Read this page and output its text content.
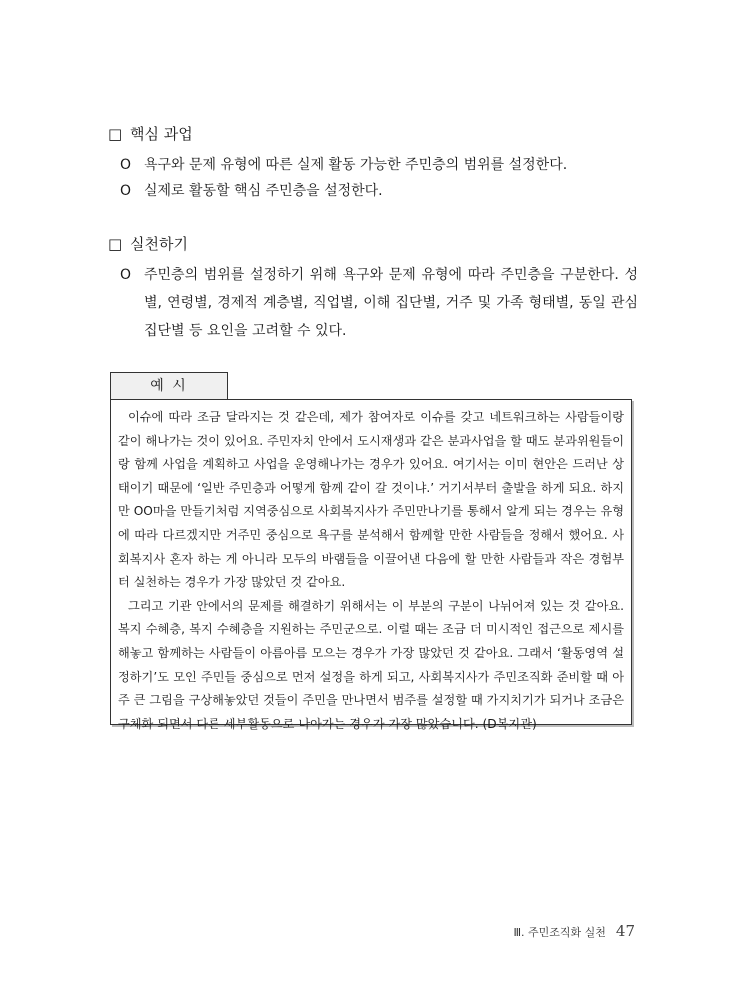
□ 핵심 과업
O 욕구와 문제 유형에 따른 실제 활동 가능한 주민층의 범위를 설정한다.
O 실제로 활동할 핵심 주민층을 설정한다.
□ 실천하기
O 주민층의 범위를 설정하기 위해 욕구와 문제 유형에 따라 주민층을 구분한다. 성별, 연령별, 경제적 계층별, 직업별, 이해 집단별, 거주 및 가족 형태별, 동일 관심 집단별 등 요인을 고려할 수 있다.
예 시

이슈에 따라 조금 달라지는 것 같은데, 제가 참여자로 이슈를 갖고 네트워크하는 사람들이랑 같이 해나가는 것이 있어요. 주민자치 안에서 도시재생과 같은 분과사업을 할 때도 분과위원들이랑 함께 사업을 계획하고 사업을 운영해나가는 경우가 있어요. 여기서는 이미 현안은 드러난 상태이기 때문에 ‘일반 주민층과 어떻게 함께 같이 갈 것이냐.’ 거기서부터 출발을 하게 되요. 하지만 OO마을 만들기처럼 지역중심으로 사회복지사가 주민만나기를 통해서 알게 되는 경우는 유형에 따라 다르겠지만 거주민 중심으로 욕구를 분석해서 함께할 만한 사람들을 정해서 했어요. 사회복지사 혼자 하는 게 아니라 모두의 바램들을 이끌어낸 다음에 할 만한 사람들과 작은 경험부터 실천하는 경우가 가장 많았던 것 같아요.

그리고 기관 안에서의 문제를 해결하기 위해서는 이 부분의 구분이 나뉘어져 있는 것 같아요. 복지 수혜층, 복지 수혜층을 지원하는 주민군으로. 이럴 때는 조금 더 미시적인 접근으로 제시를 해놓고 함께하는 사람들이 아름아름 모으는 경우가 가장 많았던 것 같아요. 그래서 ‘활동영역 설정하기’도 모인 주민들 중심으로 먼저 설정을 하게 되고, 사회복지사가 주민조직화 준비할 때 아주 큰 그림을 구상해놓았던 것들이 주민을 만나면서 범주를 설정할 때 가지치기가 되거나 조금은 구체화 되면서 다른 세부활동으로 나아가는 경우가 가장 많았습니다. (D복지관)

Ⅲ. 주민조직화 실천 47
